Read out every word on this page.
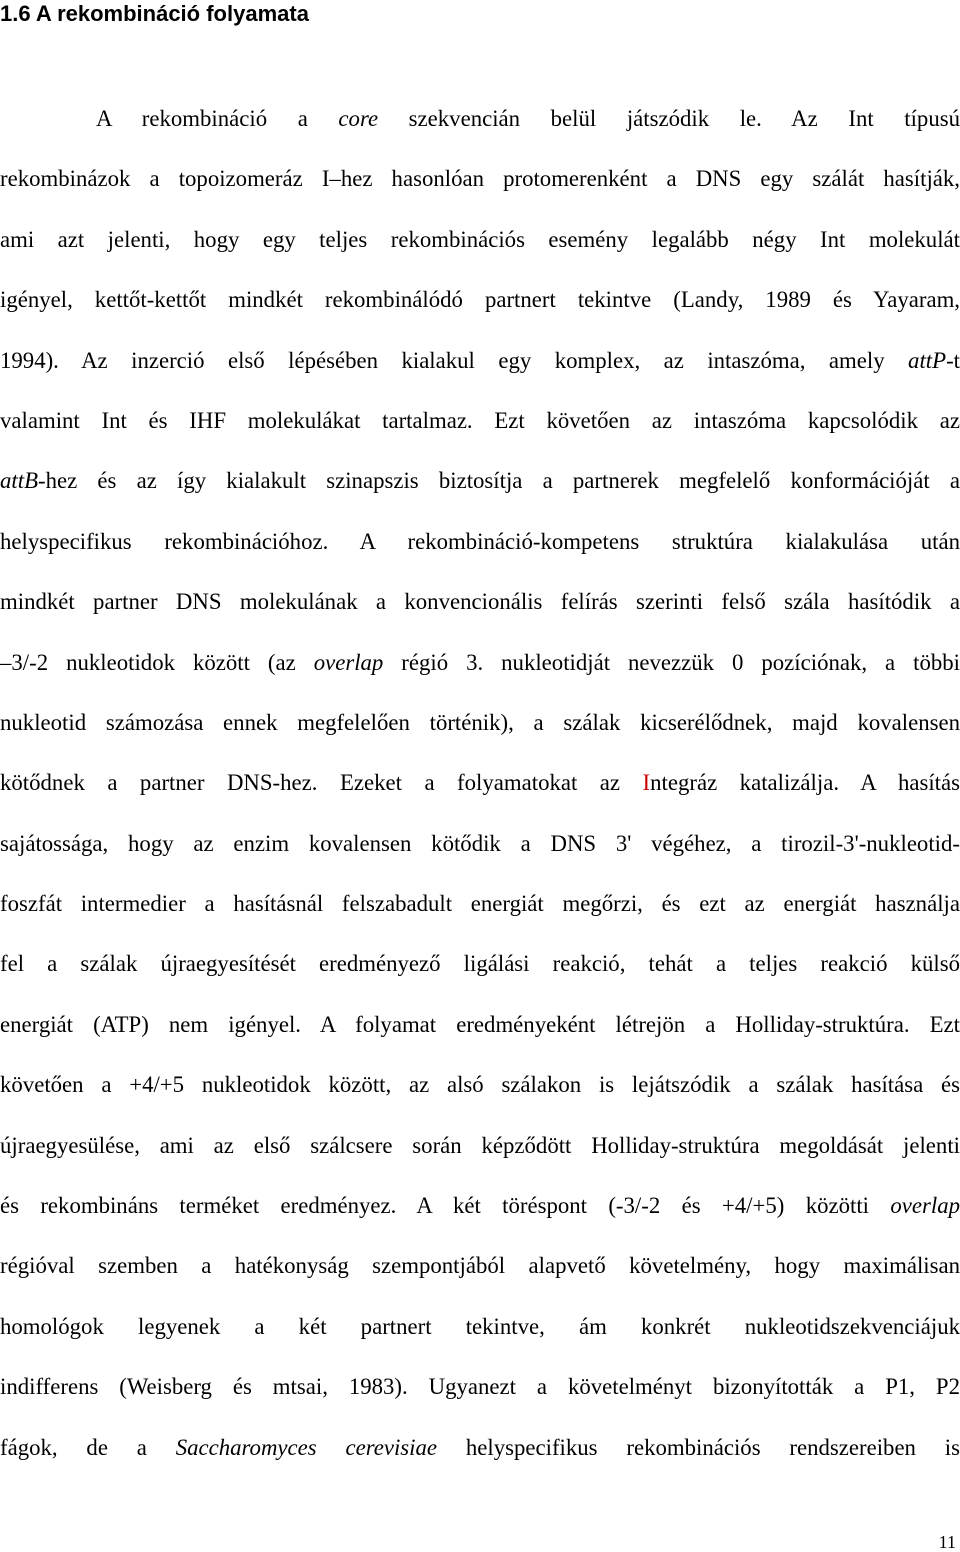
1.6 A rekombináció folyamata
A rekombináció a core szekvencián belül játszódik le. Az Int típusú
rekombinázok a topoizomeráz I–hez hasonlóan protomerenként a DNS egy szálát hasítják,
ami azt jelenti, hogy egy teljes rekombinációs esemény legalább négy Int molekulát
igényel, kettőt-kettőt mindkét rekombinálódó partnert tekintve (Landy, 1989 és Yayaram,
1994). Az inzerció első lépésében kialakul egy komplex, az intaszóma, amely attP-t
valamint Int és IHF molekulákat tartalmaz. Ezt követően az intaszóma kapcsolódik az
attB-hez és az így kialakult szinapszis biztosítja a partnerek megfelelő konformációját a
helyspecifikus rekombinációhoz. A rekombináció-kompetens struktúra kialakulása után
mindkét partner DNS molekulának a konvencionális felírás szerinti felső szála hasítódik a
–3/-2 nukleotidok között (az overlap régió 3. nukleotidját nevezzük 0 pozíciónak, a többi
nukleotid számozása ennek megfelelően történik), a szálak kicserélődnek, majd kovalensen
kötődnek a partner DNS-hez. Ezeket a folyamatokat az Integráz katalizálja. A hasítás
sajátossága, hogy az enzim kovalensen kötődik a DNS 3' végéhez, a tirozil-3'-nukleotid-
foszfát intermedier a hasításnál felszabadult energiát megőrzi, és ezt az energiát használja
fel a szálak újraegyesítését eredményező ligálási reakció, tehát a teljes reakció külső
energiát (ATP) nem igényel. A folyamat eredményeként létrejön a Holliday-struktúra. Ezt
követően a +4/+5 nukleotidok között, az alsó szálakon is lejátszódik a szálak hasítása és
újraegyesülése, ami az első szálcsere során képződött Holliday-struktúra megoldását jelenti
és rekombináns terméket eredményez. A két töréspont (-3/-2 és +4/+5) közötti overlap
régióval szemben a hatékonyság szempontjából alapvető követelmény, hogy maximálisan
homológok legyenek a két partnert tekintve, ám konkrét nukleotidszekvenciájuk
indifferens (Weisberg és mtsai, 1983). Ugyanezt a követelményt bizonyították a P1, P2
fágok, de a Saccharomyces cerevisiae helyspecifikus rekombinációs rendszereiben is
11
